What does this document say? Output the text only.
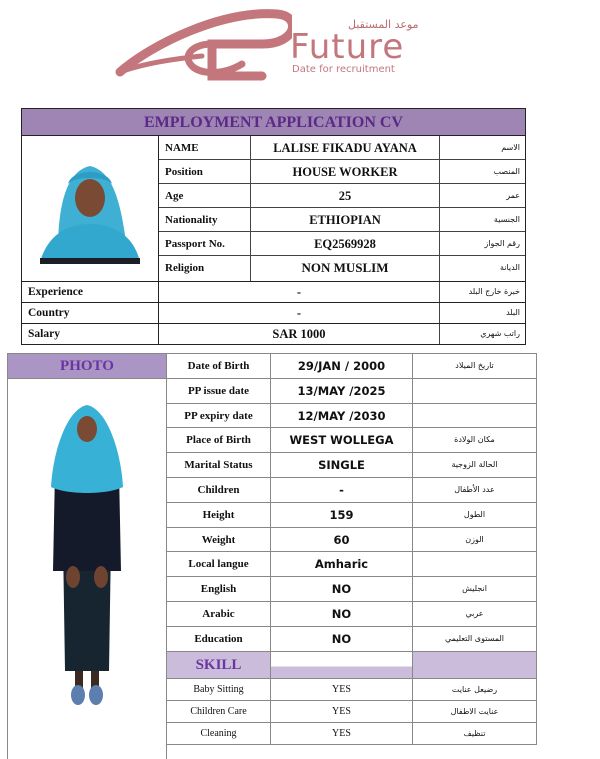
موعد المستقبل
Future
Date for recruitment
EMPLOYMENT APPLICATION CV
NAME	LALISE FIKADU AYANA	الاسم
Position	HOUSE WORKER	المنصب
Age	25	عمر
Nationality	ETHIOPIAN	الجنسية
Passport No.	EQ2569928	رقم الجواز
Religion	NON MUSLIM	الديانة
Experience	-	خبرة خارج البلد
Country	-	البلد
Salary	SAR 1000	راتب شهري
PHOTO	Date of Birth	29/JAN / 2000	تاريخ الميلاد
PP issue date	13/MAY /2025
PP expiry date	12/MAY /2030
Place of Birth	WEST WOLLEGA	مكان الولادة
Marital Status	SINGLE	الحالة الزوجية
Children	-	عدد الأطفال
Height	159	الطول
Weight	60	الوزن
Local langue	Amharic
English	NO	انجليش
Arabic	NO	عربي
Education	NO	المستوى التعليمي
SKILL
Baby Sitting	YES	رضيعل عنايت
Children Care	YES	عنايت الاطفال
Cleaning	YES	تنظيف
